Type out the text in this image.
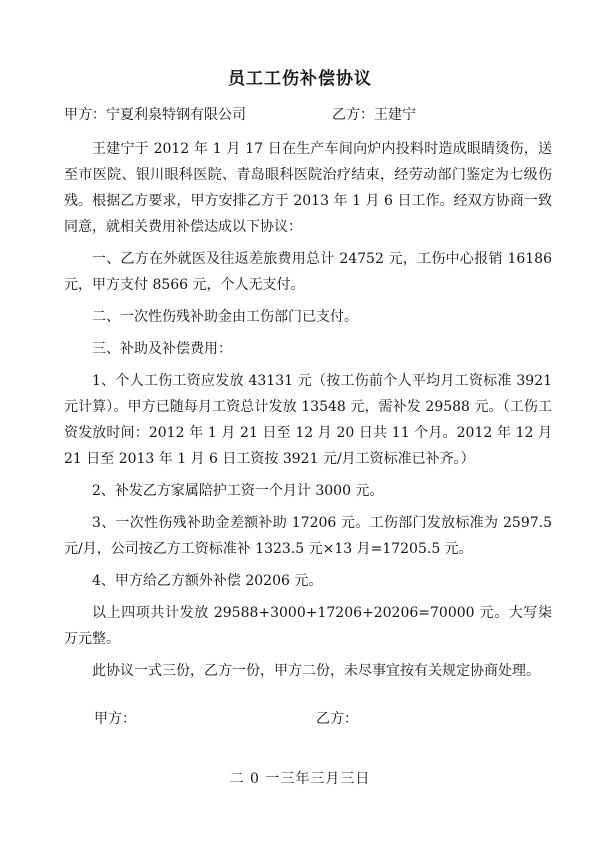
员工工伤补偿协议
甲方：宁夏利泉特钢有限公司	乙方：王建宁

王建宁于 2012 年 1 月 17 日在生产车间向炉内投料时造成眼睛烫伤，送至市医院、银川眼科医院、青岛眼科医院治疗结束，经劳动部门鉴定为七级伤残。根据乙方要求，甲方安排乙方于 2013 年 1 月 6 日工作。经双方协商一致同意，就相关费用补偿达成以下协议：

一、乙方在外就医及往返差旅费用总计 24752 元，工伤中心报销 16186 元，甲方支付 8566 元，个人无支付。

二、一次性伤残补助金由工伤部门已支付。

三、补助及补偿费用：

1、个人工伤工资应发放 43131 元（按工伤前个人平均月工资标准 3921 元计算）。甲方已随每月工资总计发放 13548 元，需补发 29588 元。（工伤工资发放时间：2012 年 1 月 21 日至 12 月 20 日共 11 个月。2012 年 12 月 21 日至 2013 年 1 月 6 日工资按 3921 元/月工资标准已补齐。）

2、补发乙方家属陪护工资一个月计 3000 元。

3、一次性伤残补助金差额补助 17206 元。工伤部门发放标准为 2597.5 元/月，公司按乙方工资标准补 1323.5 元×13 月=17205.5 元。

4、甲方给乙方额外补偿 20206 元。

以上四项共计发放 29588+3000+17206+20206=70000 元。大写柒万元整。

此协议一式三份，乙方一份，甲方二份，未尽事宜按有关规定协商处理。

甲方：	乙方：
二 0 一三年三月三日
